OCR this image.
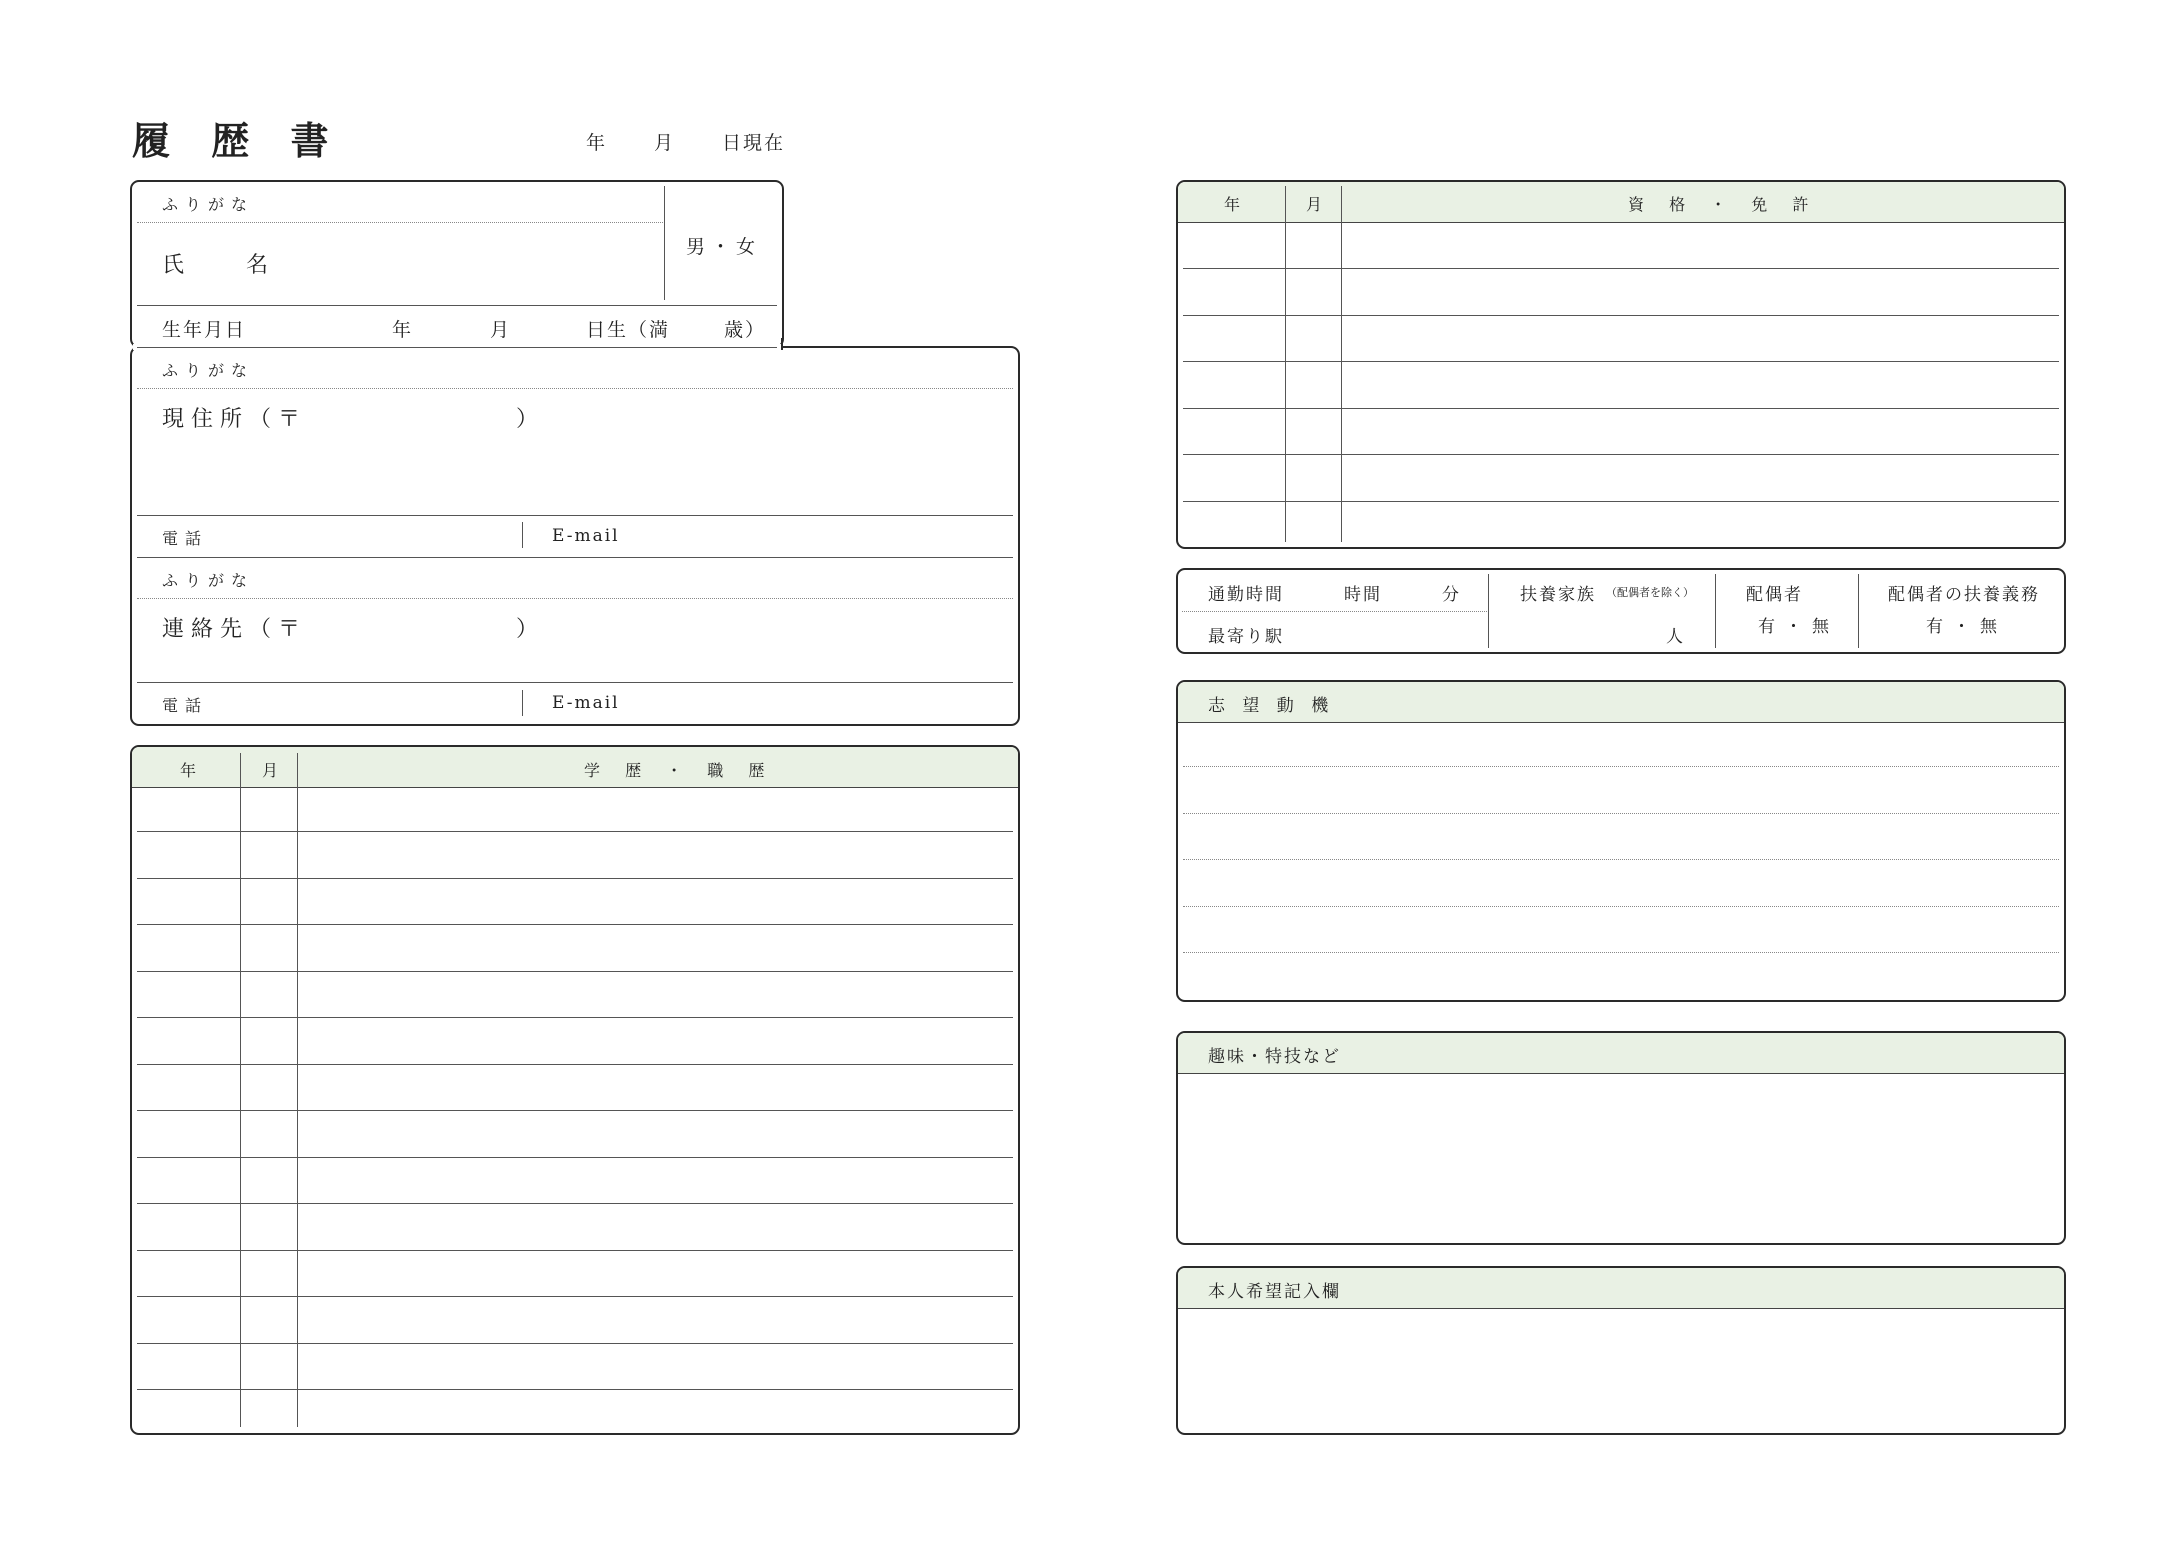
履 歴 書	年 月 日現在
ふりがな
氏　　名
男・女
生年月日	年	月	日生（満	歳）
ふりがな
現住所（〒	）
電話	E-mail
ふりがな
連絡先（〒	）
電話	E-mail
年	月	学 歴 ・ 職 歴
年	月	資 格 ・ 免 許
通勤時間	時間	分
最寄り駅
扶養家族 （配偶者を除く）
人
配偶者
有・無
配偶者の扶養義務
有・無
志 望 動 機
趣味・特技など
本人希望記入欄
